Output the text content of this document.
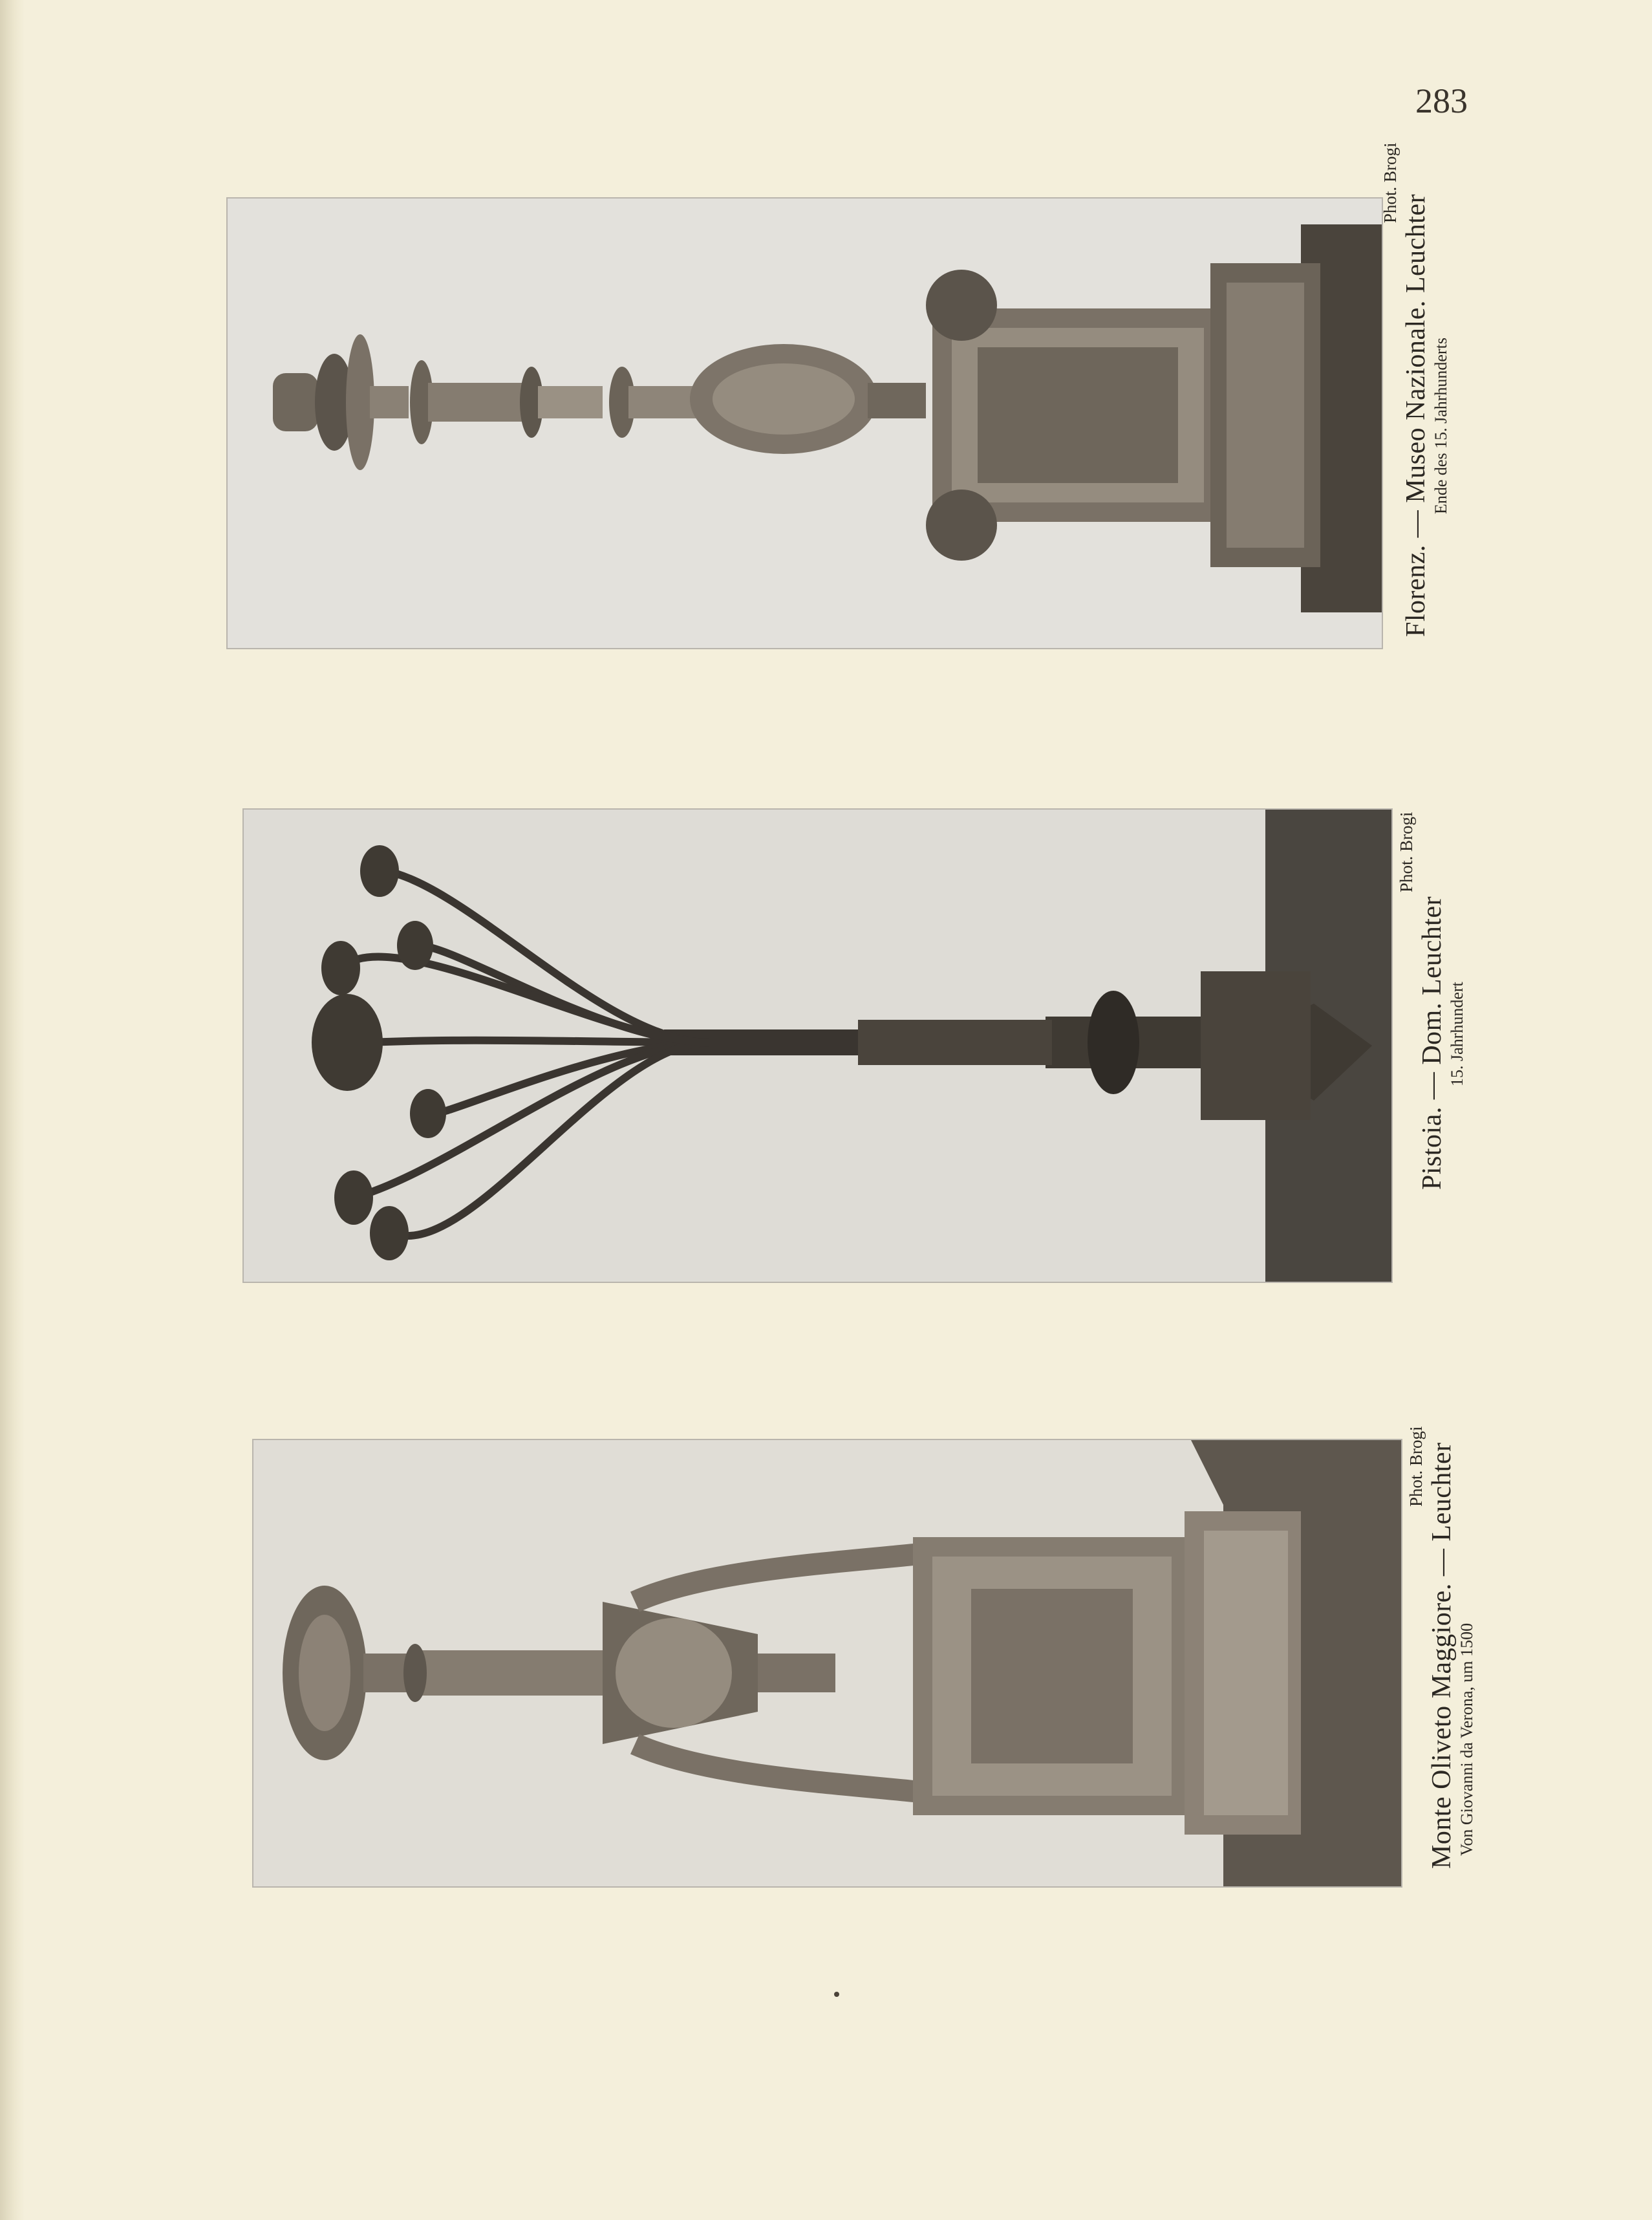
283
Phot. Brogi
Florenz. — Museo Nazionale. Leuchter Ende des 15. Jahrhunderts
Phot. Brogi
Pistoia. — Dom. Leuchter 15. Jahrhundert
Phot. Brogi Monte Oliveto Maggiore. — Leuchter Von Giovanni da Verona, um 1500
